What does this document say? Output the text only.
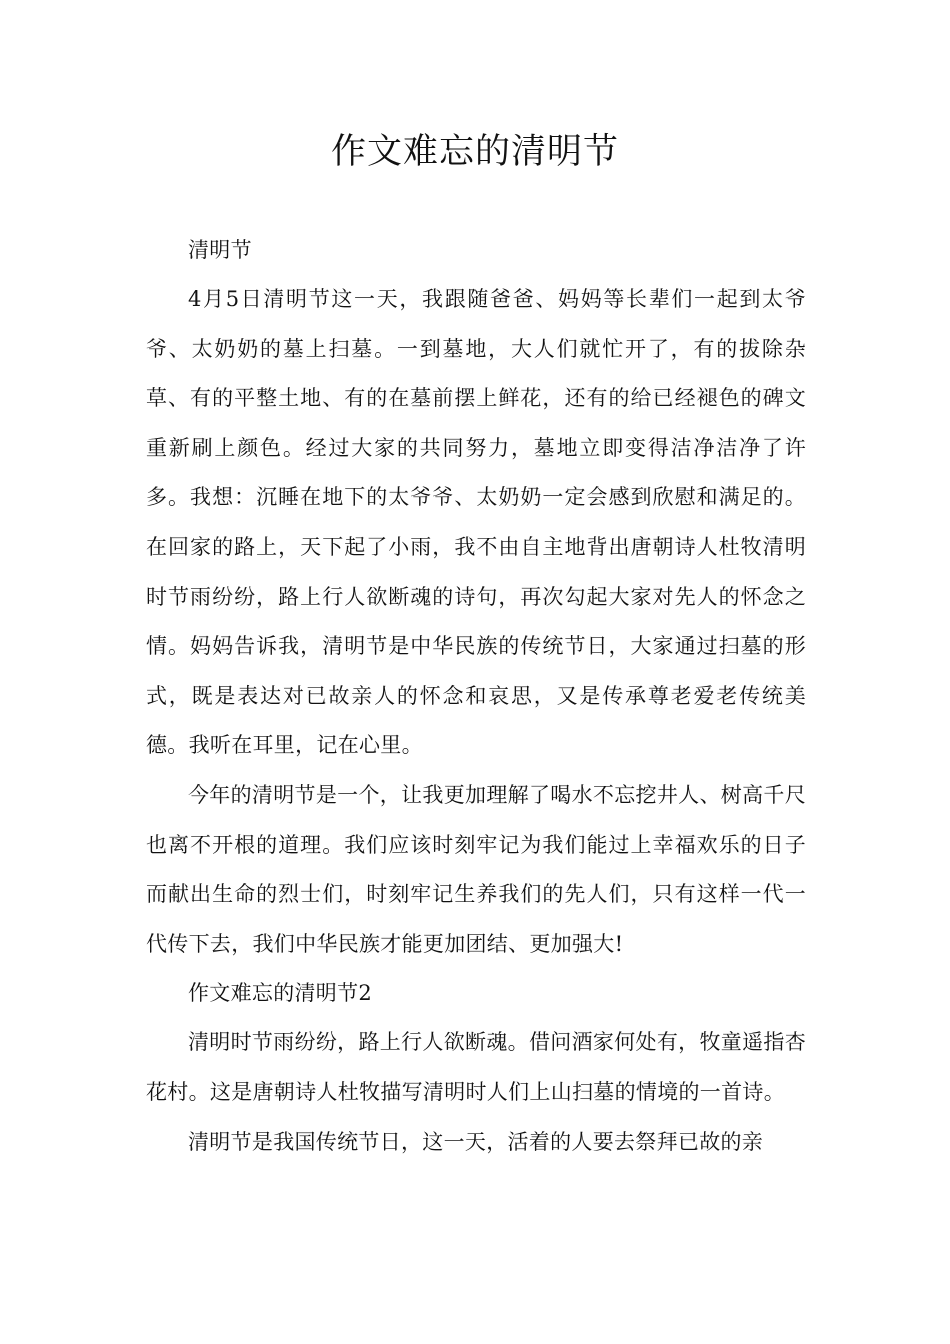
作文难忘的清明节

清明节

4月5日清明节这一天，我跟随爸爸、妈妈等长辈们一起到太爷爷、太奶奶的墓上扫墓。一到墓地，大人们就忙开了，有的拔除杂草、有的平整土地、有的在墓前摆上鲜花，还有的给已经褪色的碑文重新刷上颜色。经过大家的共同努力，墓地立即变得洁净洁净了许多。我想：沉睡在地下的太爷爷、太奶奶一定会感到欣慰和满足的。在回家的路上，天下起了小雨，我不由自主地背出唐朝诗人杜牧清明时节雨纷纷，路上行人欲断魂的诗句，再次勾起大家对先人的怀念之情。妈妈告诉我，清明节是中华民族的传统节日，大家通过扫墓的形式，既是表达对已故亲人的怀念和哀思，又是传承尊老爱老传统美德。我听在耳里，记在心里。

今年的清明节是一个，让我更加理解了喝水不忘挖井人、树高千尺也离不开根的道理。我们应该时刻牢记为我们能过上幸福欢乐的日子而献出生命的烈士们，时刻牢记生养我们的先人们，只有这样一代一代传下去，我们中华民族才能更加团结、更加强大!

作文难忘的清明节2

清明时节雨纷纷，路上行人欲断魂。借问酒家何处有，牧童遥指杏花村。这是唐朝诗人杜牧描写清明时人们上山扫墓的情境的一首诗。

清明节是我国传统节日，这一天，活着的人要去祭拜已故的亲
